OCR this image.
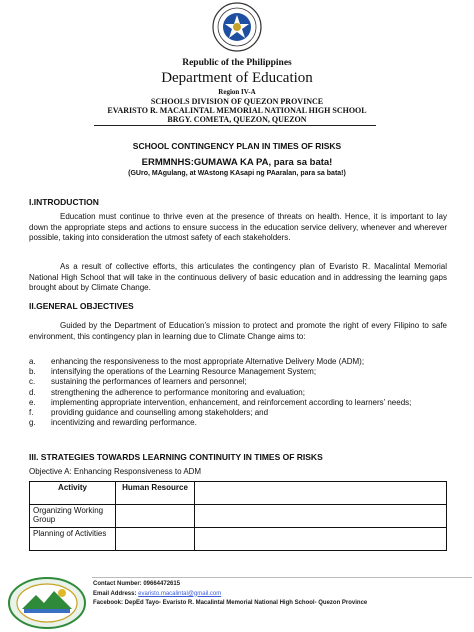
Republic of the Philippines
Department of Education
Region IV-A
SCHOOLS DIVISION OF QUEZON PROVINCE
EVARISTO R. MACALINTAL MEMORIAL NATIONAL HIGH SCHOOL
BRGY. COMETA, QUEZON, QUEZON
SCHOOL CONTINGENCY PLAN IN TIMES OF RISKS
ERMMNHS:GUMAWA KA PA, para sa bata!
(GUro, MAgulang, at WAstong KAsapi ng PAaralan, para sa bata!)
I.INTRODUCTION
Education must continue to thrive even at the presence of threats on health. Hence, it is important to lay down the appropriate steps and actions to ensure success in the education service delivery, whenever and wherever possible, taking into consideration the utmost safety of each stakeholders.
As a result of collective efforts, this articulates the contingency plan of Evaristo R. Macalintal Memorial National High School that will take in the continuous delivery of basic education and in addressing the learning gaps brought about by Climate Change.
II.GENERAL OBJECTIVES
Guided by the Department of Education’s mission to protect and promote the right of every Filipino to safe environment, this contingency plan in learning due to Climate Change aims to:
a.	enhancing the responsiveness to the most appropriate Alternative Delivery Mode (ADM);
b.	intensifying the operations of the Learning Resource Management System;
c.	sustaining the performances of learners and personnel;
d.	strengthening the adherence to performance monitoring and evaluation;
e.	implementing appropriate intervention, enhancement, and reinforcement according to learners’ needs;
f.	providing guidance and counselling among stakeholders; and
g.	incentivizing and rewarding performance.
III. STRATEGIES TOWARDS LEARNING CONTINUITY IN TIMES OF RISKS
Objective A: Enhancing Responsiveness to ADM
Activity	Human Resource	
Organizing Working Group		
Planning of Activities		
Contact Number: 09664472615
Email Address: evaristo.macalintal@gmail.com
Facebook: DepEd Tayo- Evaristo R. Macalintal Memorial National High School- Quezon Province
